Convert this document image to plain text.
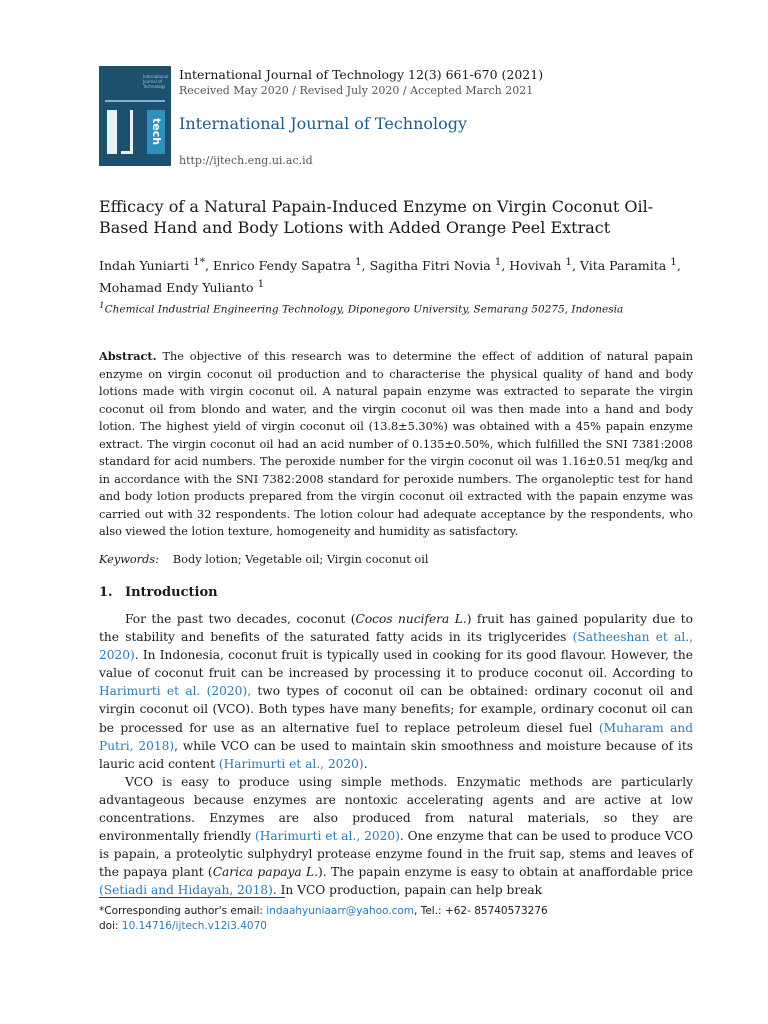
International
Journal of
Technology
tech
International Journal of Technology 12(3) 661-670 (2021)
Received May 2020 / Revised July 2020 / Accepted March 2021
International Journal of Technology
http://ijtech.eng.ui.ac.id
Efficacy of a Natural Papain-Induced Enzyme on Virgin Coconut Oil-Based Hand and Body Lotions with Added Orange Peel Extract
Indah Yuniarti $^{1*}$, Enrico Fendy Sapatra $^1$, Sagitha Fitri Novia $^1$, Hovivah $^1$, Vita Paramita $^1$, Mohamad Endy Yulianto $^1$
$^1$Chemical Industrial Engineering Technology, Diponegoro University, Semarang 50275, Indonesia

Abstract. The objective of this research was to determine the effect of addition of natural papain enzyme on virgin coconut oil production and to characterise the physical quality of hand and body lotions made with virgin coconut oil. A natural papain enzyme was extracted to separate the virgin coconut oil from blondo and water, and the virgin coconut oil was then made into a hand and body lotion. The highest yield of virgin coconut oil (13.8±5.30%) was obtained with a 45% papain enzyme extract. The virgin coconut oil had an acid number of 0.135±0.50%, which fulfilled the SNI 7381:2008 standard for acid numbers. The peroxide number for the virgin coconut oil was 1.16±0.51 meq/kg and in accordance with the SNI 7382:2008 standard for peroxide numbers. The organoleptic test for hand and body lotion products prepared from the virgin coconut oil extracted with the papain enzyme was carried out with 32 respondents. The lotion colour had adequate acceptance by the respondents, who also viewed the lotion texture, homogeneity and humidity as satisfactory.

Keywords: Body lotion; Vegetable oil; Virgin coconut oil
1. Introduction

For the past two decades, coconut (Cocos nucifera L.) fruit has gained popularity due to the stability and benefits of the saturated fatty acids in its triglycerides (Satheeshan et al., 2020). In Indonesia, coconut fruit is typically used in cooking for its good flavour. However, the value of coconut fruit can be increased by processing it to produce coconut oil. According to Harimurti et al. (2020), two types of coconut oil can be obtained: ordinary coconut oil and virgin coconut oil (VCO). Both types have many benefits; for example, ordinary coconut oil can be processed for use as an alternative fuel to replace petroleum diesel fuel (Muharam and Putri, 2018), while VCO can be used to maintain skin smoothness and moisture because of its lauric acid content (Harimurti et al., 2020).

VCO is easy to produce using simple methods. Enzymatic methods are particularly advantageous because enzymes are nontoxic accelerating agents and are active at low concentrations. Enzymes are also produced from natural materials, so they are environmentally friendly (Harimurti et al., 2020). One enzyme that can be used to produce VCO is papain, a proteolytic sulphydryl protease enzyme found in the fruit sap, stems and leaves of the papaya plant (Carica papaya L.). The papain enzyme is easy to obtain at anaffordable price (Setiadi and Hidayah, 2018). In VCO production, papain can help break

*Corresponding author's email: indaahyuniaarr@yahoo.com, Tel.: +62- 85740573276
doi: 10.14716/ijtech.v12i3.4070
